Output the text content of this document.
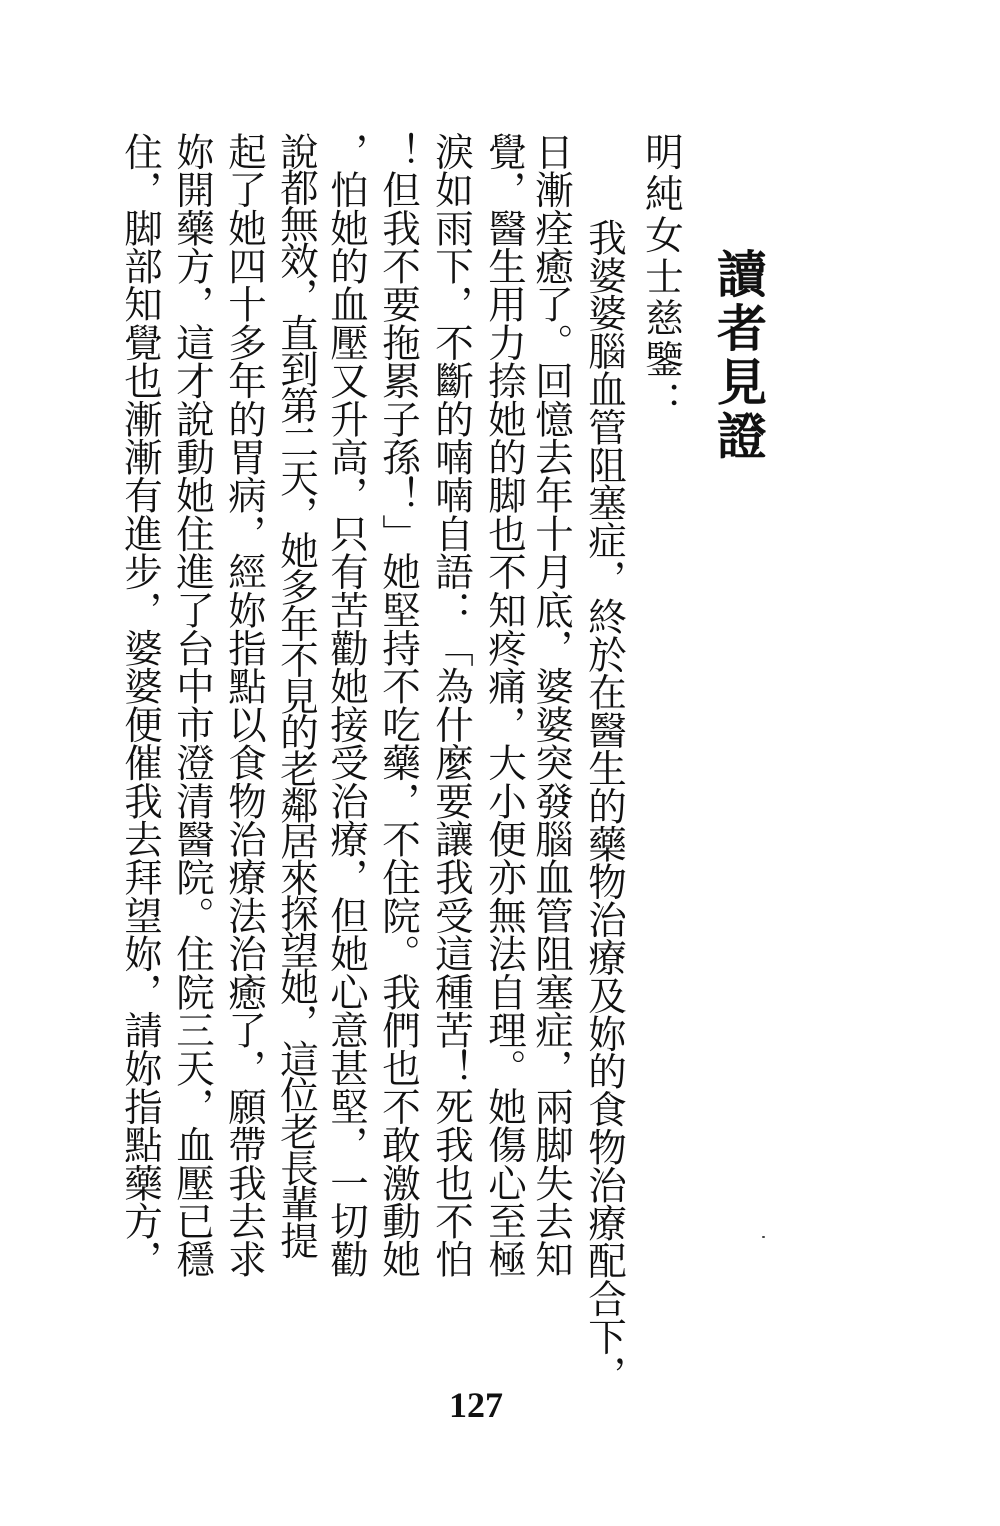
讀者見證
明純女士慈鑒：
我婆婆腦血管阻塞症，終於在醫生的藥物治療及妳的食物治療配合下，
日漸痊癒了。回憶去年十月底，婆婆突發腦血管阻塞症，兩脚失去知
覺，醫生用力捺她的脚也不知疼痛，大小便亦無法自理。她傷心至極
淚如雨下，不斷的喃喃自語：「為什麼要讓我受這種苦！死我也不怕
！但我不要拖累子孫！」她堅持不吃藥，不住院。我們也不敢激動她
，怕她的血壓又升高，只有苦勸她接受治療，但她心意甚堅，一切勸
說都無效，直到第二天，她多年不見的老鄰居來探望她，這位老長輩提
起了她四十多年的胃病，經妳指點以食物治療法治癒了，願帶我去求
妳開藥方，這才說動她住進了台中市澄清醫院。住院三天，血壓已穩
住，脚部知覺也漸漸有進步，婆婆便催我去拜望妳，請妳指點藥方，
127
